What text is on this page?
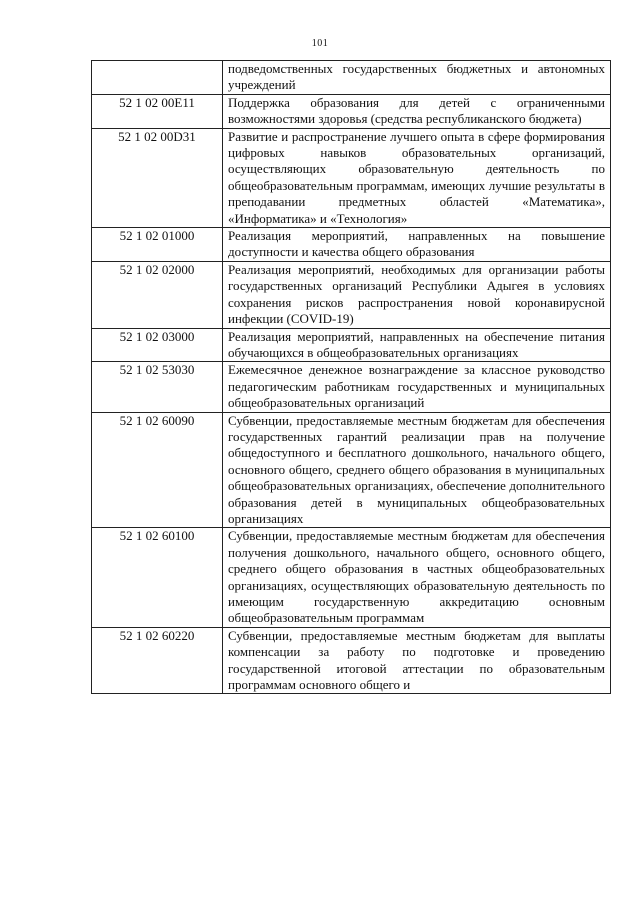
101
	подведомственных государственных бюджетных и автономных учреждений
52 1 02 00Е11	Поддержка образования для детей с ограниченными возможностями здоровья (средства республиканского бюджета)
52 1 02 00D31	Развитие и распространение лучшего опыта в сфере формирования цифровых навыков образовательных организаций, осуществляющих образовательную деятельность по общеобразовательным программам, имеющих лучшие результаты в преподавании предметных областей «Математика», «Информатика» и «Технология»
52 1 02 01000	Реализация мероприятий, направленных на повышение доступности и качества общего образования
52 1 02 02000	Реализация мероприятий, необходимых для организации работы государственных организаций Республики Адыгея в условиях сохранения рисков распространения новой коронавирусной инфекции (COVID-19)
52 1 02 03000	Реализация мероприятий, направленных на обеспечение питания обучающихся в общеобразовательных организациях
52 1 02 53030	Ежемесячное денежное вознаграждение за классное руководство педагогическим работникам государственных и муниципальных общеобразовательных организаций
52 1 02 60090	Субвенции, предоставляемые местным бюджетам для обеспечения государственных гарантий реализации прав на получение общедоступного и бесплатного дошкольного, начального общего, основного общего, среднего общего образования в муниципальных общеобразовательных организациях, обеспечение дополнительного образования детей в муниципальных общеобразовательных организациях
52 1 02 60100	Субвенции, предоставляемые местным бюджетам для обеспечения получения дошкольного, начального общего, основного общего, среднего общего образования в частных общеобразовательных организациях, осуществляющих образовательную деятельность по имеющим государственную аккредитацию основным общеобразовательным программам
52 1 02 60220	Субвенции, предоставляемые местным бюджетам для выплаты компенсации за работу по подготовке и проведению государственной итоговой аттестации по образовательным программам основного общего и
